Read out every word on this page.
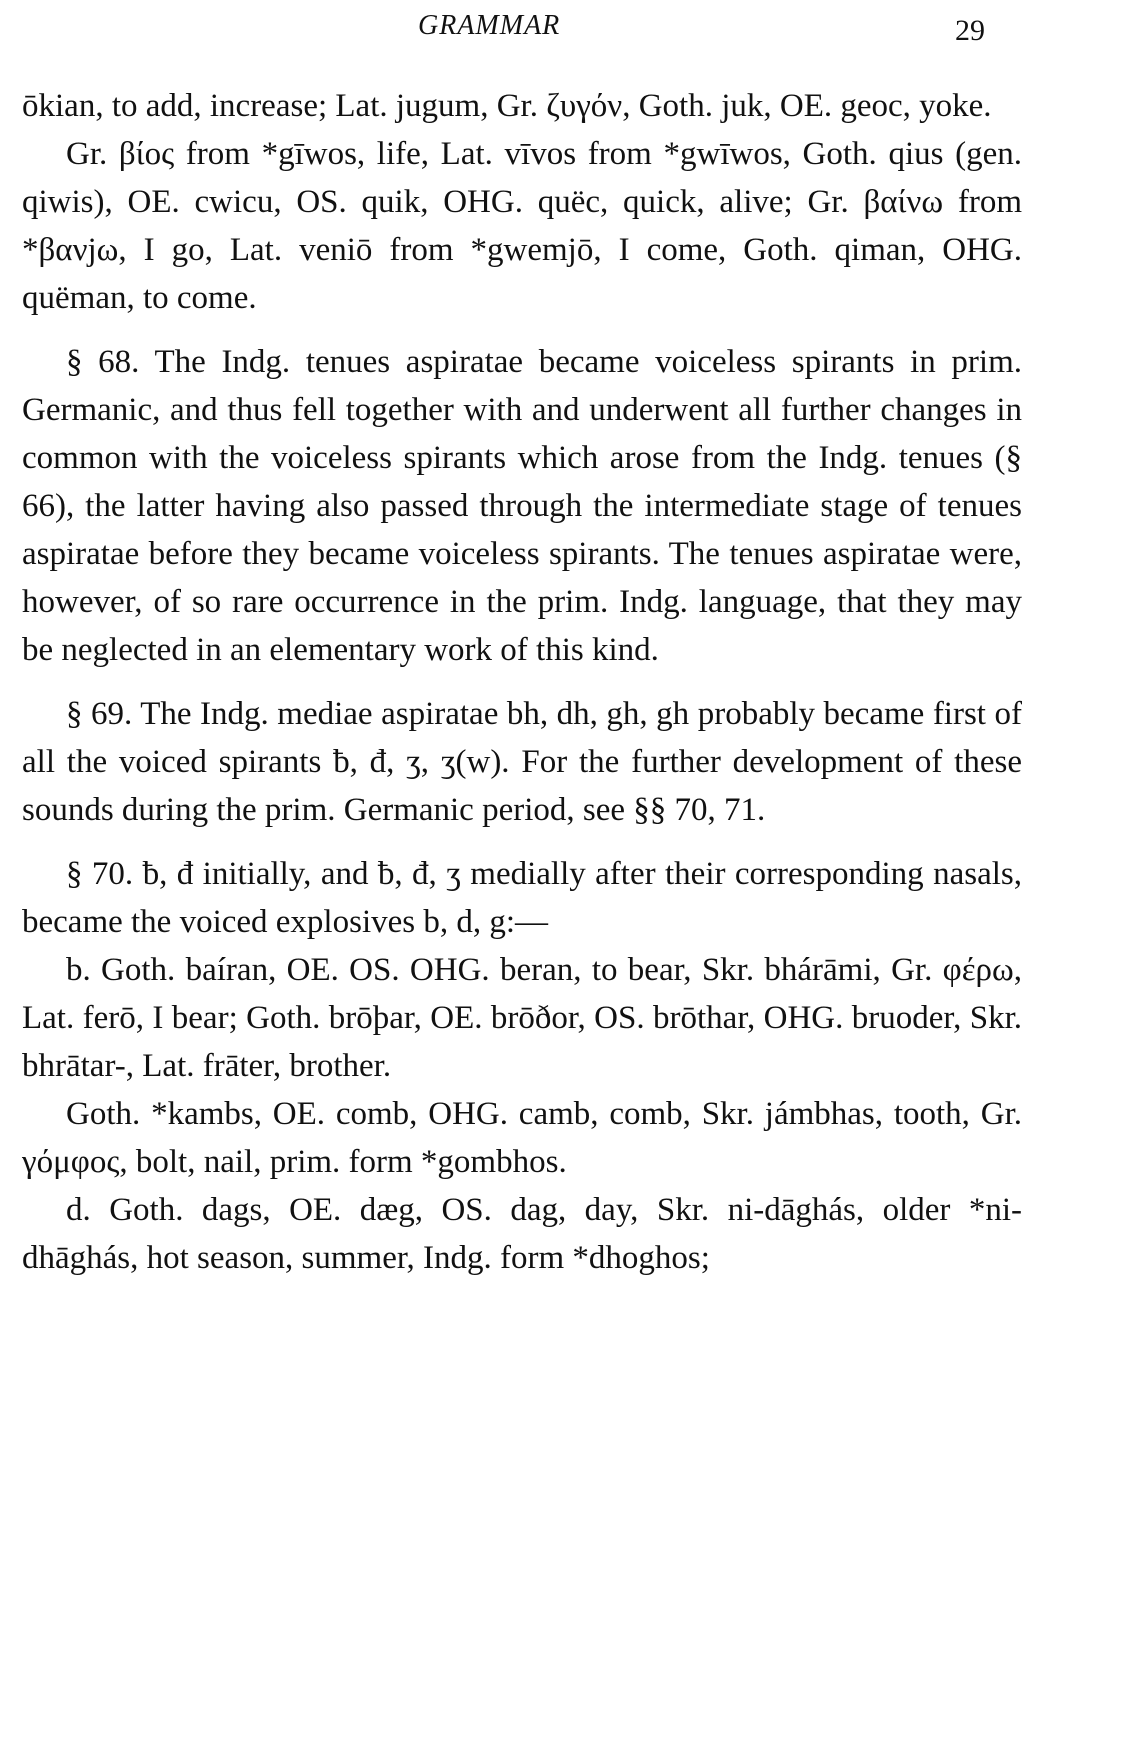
GRAMMAR	29

ōkian, to add, increase; Lat. jugum, Gr. ζυγόν, Goth. juk, OE. geoc, yoke.

Gr. βίος from *gīwos, life, Lat. vīvos from *gwīwos, Goth. qius (gen. qiwis), OE. cwicu, OS. quik, OHG. quëc, quick, alive; Gr. βαίνω from *βανjω, I go, Lat. veniō from *gwemjō, I come, Goth. qiman, OHG. quëman, to come.

§ 68. The Indg. tenues aspiratae became voiceless spirants in prim. Germanic, and thus fell together with and underwent all further changes in common with the voiceless spirants which arose from the Indg. tenues (§ 66), the latter having also passed through the intermediate stage of tenues aspiratae before they became voiceless spirants. The tenues aspiratae were, however, of so rare occurrence in the prim. Indg. language, that they may be neglected in an elementary work of this kind.

§ 69. The Indg. mediae aspiratae bh, dh, gh, gh probably became first of all the voiced spirants ƀ, đ, ʒ, ʒ(w). For the further development of these sounds during the prim. Germanic period, see §§ 70, 71.

§ 70. ƀ, đ initially, and ƀ, đ, ʒ medially after their corresponding nasals, became the voiced explosives b, d, g:—

b. Goth. baíran, OE. OS. OHG. beran, to bear, Skr. bhárāmi, Gr. φέρω, Lat. ferō, I bear; Goth. brōþar, OE. brōðor, OS. brōthar, OHG. bruoder, Skr. bhrātar-, Lat. frāter, brother.

Goth. *kambs, OE. comb, OHG. camb, comb, Skr. jámbhas, tooth, Gr. γόμφος, bolt, nail, prim. form *gombhos.

d. Goth. dags, OE. dæg, OS. dag, day, Skr. ni-dāghás, older *ni-dhāghás, hot season, summer, Indg. form *dhoghos;
